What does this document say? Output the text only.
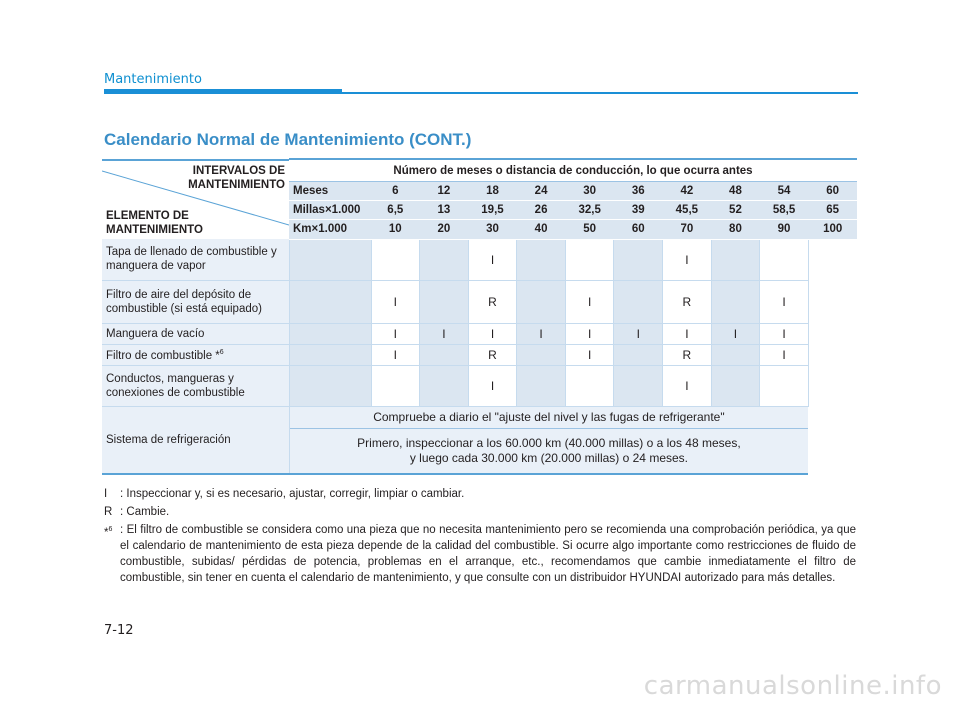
Mantenimiento
Calendario Normal de Mantenimiento (CONT.)
INTERVALOS DE MANTENIMIENTO
ELEMENTO DE MANTENIMIENTO	Número de meses o distancia de conducción, lo que ocurra antes										
	Meses	6	12	18	24	30	36	42	48	54	60
	Millas×1.000	6,5	13	19,5	26	32,5	39	45,5	52	58,5	65
	Km×1.000	10	20	30	40	50	60	70	80	90	100
Tapa de llenado de combustible y manguera de vapor				I				I			
Filtro de aire del depósito de combustible (si está equipado)		I		R		I		R		I	
Manguera de vacío		I	I	I	I	I	I	I	I	I	
Filtro de combustible *$^6$		I		R		I		R		I	
Conductos, mangueras y conexiones de combustible				I				I			
Sistema de refrigeración	Compruebe a diario el "ajuste del nivel y las fugas de refrigerante"										

	Primero, inspeccionar a los 60.000 km (40.000 millas) o a los 48 meses,
y luego cada 30.000 km (20.000 millas) o 24 meses.										
I	: Inspeccionar y, si es necesario, ajustar, corregir, limpiar o cambiar.
R : Cambie.
*$^6$ : El filtro de combustible se considera como una pieza que no necesita mantenimiento pero se recomienda una comprobación periódica, ya que el calendario de mantenimiento de esta pieza depende de la calidad del combustible. Si ocurre algo importante como restricciones de fluido de combustible, subidas/ pérdidas de potencia, problemas en el arranque, etc., recomendamos que cambie inmediatamente el filtro de combustible, sin tener en cuenta el calendario de mantenimiento, y que consulte con un distribuidor HYUNDAI autorizado para más detalles.
7-12
carmanualsonline.info
